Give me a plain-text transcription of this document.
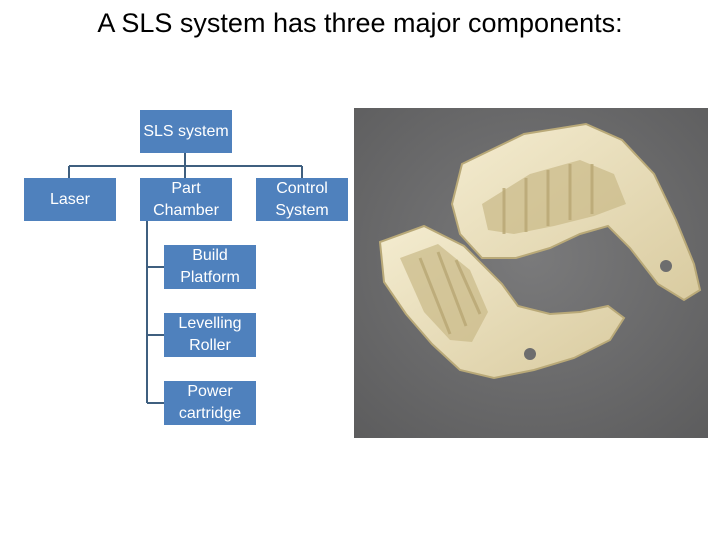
A SLS system has three major components:
SLS system
Laser
Part
Chamber
Control
System
Build
Platform
Levelling
Roller
Power
cartridge
